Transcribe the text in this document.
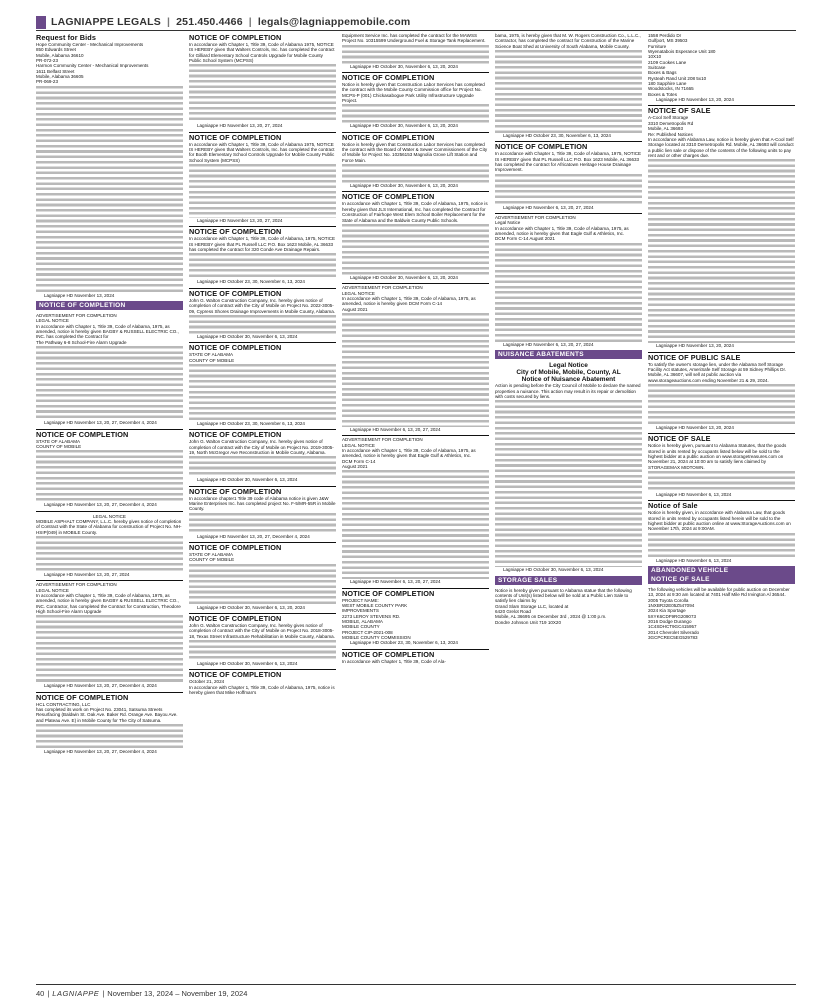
LAGNIAPPE LEGALS | 251.450.4466 | legals@lagniappemobile.com
Request for Bids
Hope Community Center - Mechanical Improvements
850 Edwards Street
Mobile, Alabama 36610
PR-072-23
Harmon Community Center - Mechanical Improvements
1611 Belfast Street
Mobile, Alabama 36605
PR-069-23
Lagniappe HD November 13, 2024
NOTICE OF COMPLETION
ADVERTISEMENT FOR COMPLETION
LEGAL NOTICE
In accordance with Chapter 1, Title 39, Code of Alabama, 1975, as amended, notice is hereby given BAGBY & RUSSELL ELECTRIC CO., INC. has completed the Contract for
The Pathway 6-8 School-Fire Alarm Upgrade
Lagniappe HD November 13, 20, 27, December 4, 2024
NOTICE OF COMPLETION
STATE OF ALABAMA
COUNTY OF MOBILE
Lagniappe HD November 13, 20, 27, December 4, 2024
LEGAL NOTICE
MOBILE ASPHALT COMPANY, L.L.C. hereby gives notice of completion of Contract with the State of Alabama for construction of Project No. NH-HSIP(049) in MOBILE County.
Lagniappe HD November 13, 20, 27, 2024
ADVERTISEMENT FOR COMPLETION
LEGAL NOTICE
In accordance with Chapter 1, Title 39, Code of Alabama, 1975, as amended, notice is hereby given BAGBY & RUSSELL ELECTRIC CO., INC. Contractor, has completed the Contract for Construction, Theodore High School-Fire Alarm Upgrade
Lagniappe HD November 13, 20, 27, December 4, 2024
NOTICE OF COMPLETION
HCL CONTRACTING, LLC
has completed its work on Project No. 23041, Satsuma Streets Resurfacing (Baldwin St. Oak Ave. Baker Rd. Orange Ave. Bayou Ave. and Plateau Ave. E) in Mobile County for The City of Satsuma.
Lagniappe HD November 13, 20, 27, December 4, 2024
NOTICE OF COMPLETION
In accordance with Chapter 1, Title 39, Code of Alabama 1975, NOTICE IS HEREBY given that Walters Controls, Inc. has completed the contract for Gilliard Elementary School Controls Upgrade for Mobile County Public School System (MCPSS)
Lagniappe HD November 13, 20, 27, 2024
NOTICE OF COMPLETION
In accordance with Chapter 1, Title 39, Code of Alabama 1975, NOTICE IS HEREBY given that Walters Controls, Inc. has completed the contract for Booth Elementary School Controls Upgrade for Mobile County Public School System (MCPSS)
Lagniappe HD November 13, 20, 27, 2024
NOTICE OF COMPLETION
In accordance with Chapter 1, Title 39, Code of Alabama, 1975, NOTICE IS HEREBY given that PL Russell LLC P.O. Box 1623 Mobile, AL 36633 has completed the contract for 320 Conde Ave Drainage Repairs.
Lagniappe HD October 23, 30, November 6, 13, 2024
NOTICE OF COMPLETION
John G. Walton Construction Company, Inc. hereby gives notice of completion of contract with the City of Mobile on Project No. 2022-3005-09, Cypress Shores Drainage Improvements in Mobile County, Alabama.
Lagniappe HD October 30, November 6, 13, 2024
NOTICE OF COMPLETION
STATE OF ALABAMA
COUNTY OF MOBILE
Lagniappe HD October 23, 30, November 6, 13, 2024
NOTICE OF COMPLETION
John G. Walton Construction Company, Inc. hereby gives notice of completion of contract with the City of Mobile on Project No. 2019-3005-19, North McGregor Ave Reconstruction in Mobile County, Alabama.
Lagniappe HD October 30, November 6, 13, 2024
NOTICE OF COMPLETION
In accordance chapter1 Title 39 code of Alabama notice is given J&W Marine Enterprises Inc. has completed project No. F-5/MR-55R in Mobile County.
Lagniappe HD November 13, 20, 27, December 4, 2024
NOTICE OF COMPLETION
STATE OF ALABAMA
COUNTY OF MOBILE
Lagniappe HD October 30, November 6, 13, 20, 2024
NOTICE OF COMPLETION
John G. Walton Construction Company, Inc. hereby gives notice of completion of contract with the City of Mobile on Project No. 2018-3005-18, Texas Street Infrastructure Rehabilitation in Mobile County, Alabama.
Lagniappe HD October 30, November 6, 13, 2024
NOTICE OF COMPLETION
October 21, 2024
In accordance with Chapter 1, Title 39, Code of Alabama, 1975, notice is hereby given that Mike Hoffman's
Equipment Service Inc. has completed the contract for the MAWSS Project No. 10315599 Underground Fuel & Storage Tank Replacement.
Lagniappe HD October 30, November 6, 13, 20, 2024
NOTICE OF COMPLETION
Notice is hereby given that Construction Labor Services has completed the contract with the Mobile County Commission office for Project No. MCPS-P (001) Chickasabogue Park Utility Infrastructure Upgrade Project.
Lagniappe HD October 30, November 6, 13, 20, 2024
NOTICE OF COMPLETION
Notice is hereby given that Construction Labor Services has completed the contract with the Board of Water & Sewer Commissioners of the City of Mobile for Project No. 10256153 Magnolia Grove Lift Station and Force Main.
Lagniappe HD October 30, November 6, 13, 20, 2024
NOTICE OF COMPLETION
In accordance with Chapter 1, Title 39, Code of Alabama, 1975, notice is hereby given that JLS International, Inc. has completed the Contract for Construction of Fairhope West Elem School Boiler Replacement for the State of Alabama and the Baldwin County Public Schools.
Lagniappe HD October 30, November 6, 13, 20, 2024
ADVERTISEMENT FOR COMPLETION
LEGAL NOTICE
In accordance with Chapter 1, Title 39, Code of Alabama, 1975, as amended, notice is hereby given DCM Form C-14
August 2021
Lagniappe HD November 6, 13, 20, 27, 2024
ADVERTISEMENT FOR COMPLETION
LEGAL NOTICE
In accordance with Chapter 1, Title 39, Code of Alabama, 1975, as amended, notice is hereby given that Eagle Gulf & Athletics, Inc.
DCM Form C-14
August 2021
Lagniappe HD November 6, 13, 20, 27, 2024
NOTICE OF COMPLETION
PROJECT NAME:
WEST MOBILE COUNTY PARK
IMPROVEMENTS
2273 LEROY STEVENS RD.
MOBILE, ALABAMA
MOBILE COUNTY
PROJECT CIP-2021-008
MOBILE COUNTY COMMISSION
Lagniappe HD October 23, 30, November 6, 13, 2024
NOTICE OF COMPLETION
In accordance with Chapter 1, Title 39, Code of Ala-
bama, 1975, is hereby given that M. W. Rogers Construction Co., L.L.C., Contractor, has completed the contract for Construction of the Marine Science Boat Shed at University of South Alabama, Mobile County.
Lagniappe HD October 23, 30, November 6, 13, 2024
NOTICE OF COMPLETION
In accordance with Chapter 1, Title 39, Code of Alabama, 1975, NOTICE IS HEREBY given that PL Russell LLC P.O. Box 1623 Mobile, AL 36633 has completed the contract for Africatown Heritage House Drainage Improvement.
Lagniappe HD November 6, 13, 20, 27, 2024
ADVERTISEMENT FOR COMPLETION
Legal Notice
In accordance with Chapter 1, Title 39, Code of Alabama, 1975, as amended, notice is hereby given that Eagle Gulf & Athletics, Inc.
DCM Form C-14 August 2021
Lagniappe HD November 6, 13, 20, 27, 2024
NUISANCE ABATEMENTS
Legal Notice
City of Mobile, Mobile, County, AL
Notice of Nuisance Abatement
Action is pending before the City Council of Mobile to declare the named properties a nuisance. This action may result in its repair or demolition with costs secured by liens.
Lagniappe HD October 30, November 6, 13, 2024
STORAGE SALES
Notice is hereby given pursuant to Alabama statue that the following contents of Unit(s) listed below will be sold at a Public Lien Sale to satisfy lien claims by
Grand Slam Storage LLC, located at
6420 Grelot Road
Mobile, AL 36695 on December 3rd , 2024 @ 1:00 p.m.
Dondre Johnson Unit 719 10X20
1558 Perdido Dr
Gulfport, MS 39503
Furniture
Wyenatabois Esperance Unit 180
10X10
2109 Cookes Lane
Suitcase
Boxes & Bags
Rysteah Rand Unit 208 5x10
180 Sapphire Lane
Woodstocks, IN 71665
Boxes & Totes
Lagniappe HD November 13, 20, 2024
NOTICE OF SALE
A-Cool Self Storage
3310 Demetropolis Rd
Mobile, AL 36693
Re: Published Notices
In accordance with Alabama Law, notice is hereby given that A-Cool Self Storage located at 3310 Demetropolis Rd. Mobile, AL 36693 will conduct a public lien sale or dispose of the contents of the following units to pay rent and or other charges due.
Lagniappe HD November 13, 20, 2024
NOTICE OF PUBLIC SALE
To satisfy the owner's storage lien, under the Alabama Self Storage Facility Act statutes, AmeriSafe Self Storage at 59 Sidney Phillips Dr. Mobile, AL 36607, will sell at public auction via www.storageauctions.com ending November 21 & 29, 2024.
Lagniappe HD November 13, 20, 2024
NOTICE OF SALE
Notice is hereby given, pursuant to Alabama Statutes, that the goods stored in units rented by occupants listed below will be sold to the highest bidder at a public auction on www.storagetreasures.com on November 21, 2024 at 10:00 am to satisfy liens claimed by STORAGEMAX MIDTOWN.
Lagniappe HD November 6, 13, 2024
Notice of Sale
Notice is hereby given, in accordance with Alabama Law, that goods stored in units rented by occupants listed herein will be sold to the highest bidder at public auction online at www.StorageAuctions.com on November 17th, 2024 at 9:00AM.
Lagniappe HD November 6, 13, 2024
ABANDONED VEHICLE
NOTICE OF SALE
The following vehicles will be available for public auction on December 13, 2024 at 9:30 am located at 7401 Half Mile Rd Irvington Al 36544.
2005 Toyota Corolla
1NXBR32E05Z547094
2024 Kia Sportage
5XYK6CDF9RG209073
2016 Dodge Durango
1C4SDHCT9GC415957
2014 Chevrolet Silverado
3GCPCREC5EG529783
40 | LAGNIAPPE | November 13, 2024 – November 19, 2024
